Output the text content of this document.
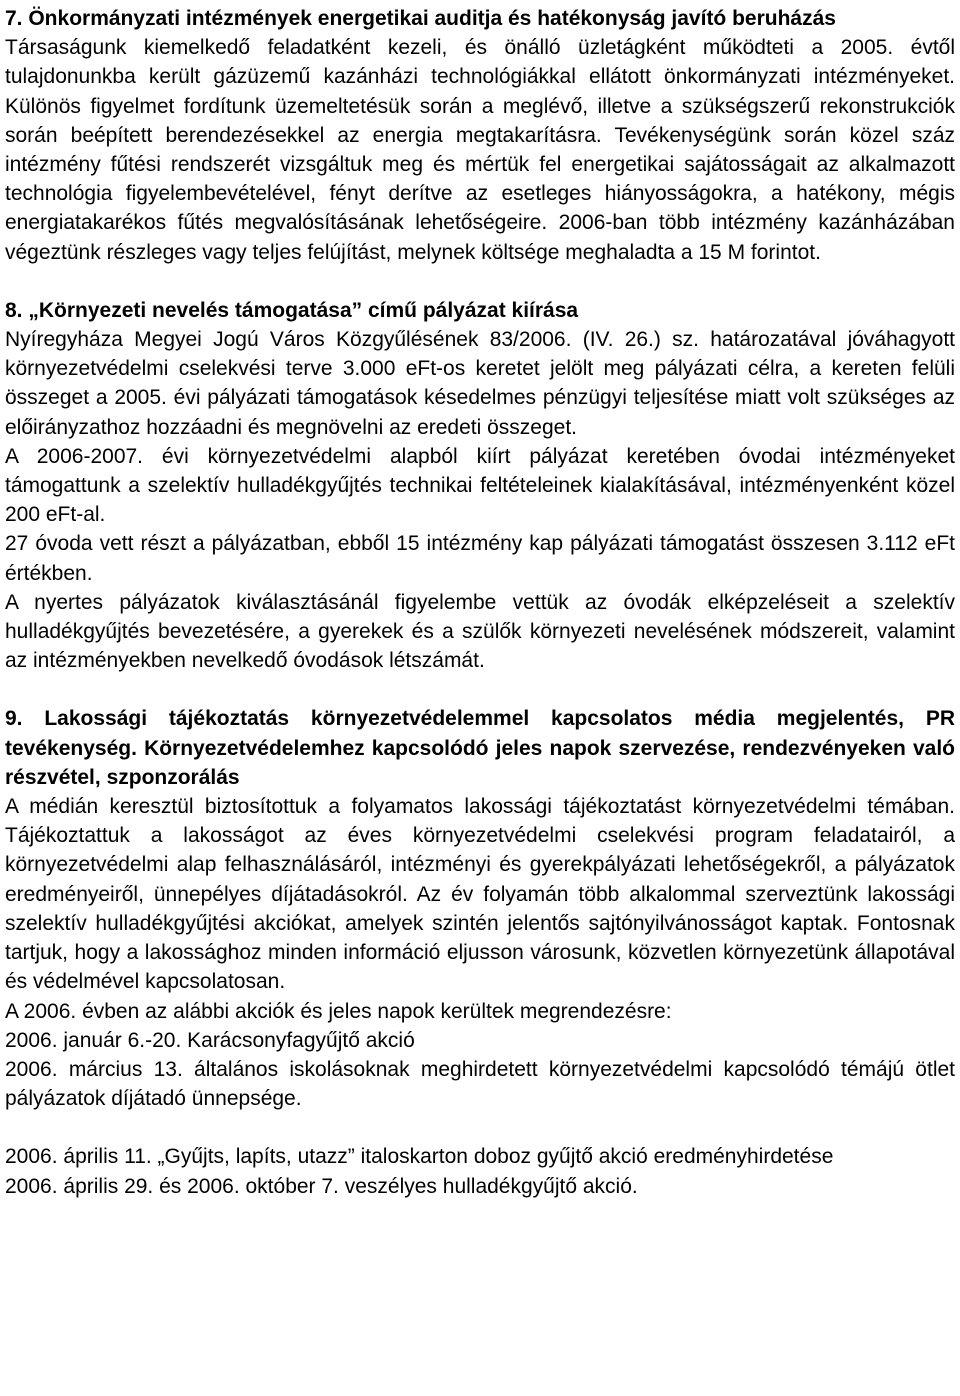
7. Önkormányzati intézmények energetikai auditja és hatékonyság javító beruházás

Társaságunk kiemelkedő feladatként kezeli, és önálló üzletágként működteti a 2005. évtől tulajdonunkba került gázüzemű kazánházi technológiákkal ellátott önkormányzati intézményeket. Különös figyelmet fordítunk üzemeltetésük során a meglévő, illetve a szükségszerű rekonstrukciók során beépített berendezésekkel az energia megtakarításra. Tevékenységünk során közel száz intézmény fűtési rendszerét vizsgáltuk meg és mértük fel energetikai sajátosságait az alkalmazott technológia figyelembevételével, fényt derítve az esetleges hiányosságokra, a hatékony, mégis energiatakarékos fűtés megvalósításának lehetőségeire. 2006-ban több intézmény kazánházában végeztünk részleges vagy teljes felújítást, melynek költsége meghaladta a 15 M forintot.

8. „Környezeti nevelés támogatása” című pályázat kiírása

Nyíregyháza Megyei Jogú Város Közgyűlésének 83/2006. (IV. 26.) sz. határozatával jóváhagyott környezetvédelmi cselekvési terve 3.000 eFt-os keretet jelölt meg pályázati célra, a kereten felüli összeget a 2005. évi pályázati támogatások késedelmes pénzügyi teljesítése miatt volt szükséges az előirányzathoz hozzáadni és megnövelni az eredeti összeget.

A 2006-2007. évi környezetvédelmi alapból kiírt pályázat keretében óvodai intézményeket támogattunk a szelektív hulladékgyűjtés technikai feltételeinek kialakításával, intézményenként közel 200 eFt-al.

27 óvoda vett részt a pályázatban, ebből 15 intézmény kap pályázati támogatást összesen 3.112 eFt értékben.

A nyertes pályázatok kiválasztásánál figyelembe vettük az óvodák elképzeléseit a szelektív hulladékgyűjtés bevezetésére, a gyerekek és a szülők környezeti nevelésének módszereit, valamint az intézményekben nevelkedő óvodások létszámát.

9. Lakossági tájékoztatás környezetvédelemmel kapcsolatos média megjelentés, PR tevékenység. Környezetvédelemhez kapcsolódó jeles napok szervezése, rendezvényeken való részvétel, szponzorálás

A médián keresztül biztosítottuk a folyamatos lakossági tájékoztatást környezetvédelmi témában. Tájékoztattuk a lakosságot az éves környezetvédelmi cselekvési program feladatairól, a környezetvédelmi alap felhasználásáról, intézményi és gyerekpályázati lehetőségekről, a pályázatok eredményeiről, ünnepélyes díjátadásokról. Az év folyamán több alkalommal szerveztünk lakossági szelektív hulladékgyűjtési akciókat, amelyek szintén jelentős sajtónyilvánosságot kaptak. Fontosnak tartjuk, hogy a lakossághoz minden információ eljusson városunk, közvetlen környezetünk állapotával és védelmével kapcsolatosan.

A 2006. évben az alábbi akciók és jeles napok kerültek megrendezésre:

2006. január 6.-20. Karácsonyfagyűjtő akció

2006. március 13. általános iskolásoknak meghirdetett környezetvédelmi kapcsolódó témájú ötlet pályázatok díjátadó ünnepsége.

2006. április 11. „Gyűjts, lapíts, utazz” italoskarton doboz gyűjtő akció eredményhirdetése

2006. április 29. és 2006. október 7. veszélyes hulladékgyűjtő akció.
